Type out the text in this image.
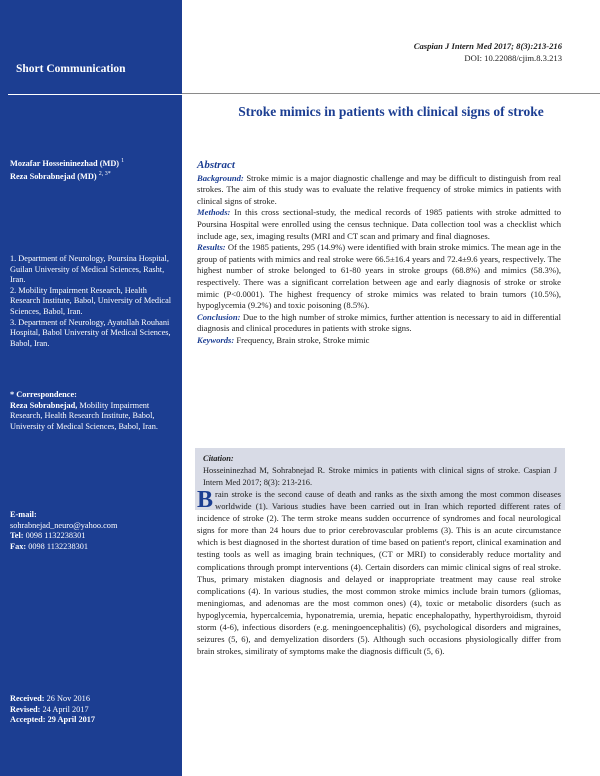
Short Communication
Mozafar Hosseininezhad (MD) $^1$
Reza Sobrabnejad (MD) $^{2, 3*}$
1. Department of Neurology, Poursina Hospital, Guilan University of Medical Sciences, Rasht, Iran.
2. Mobility Impairment Research, Health Research Institute, Babol, University of Medical Sciences, Babol, Iran.
3. Department of Neurology, Ayatollah Rouhani Hospital, Babol University of Medical Sciences, Babol, Iran.
* Correspondence:
Reza Sobrabnejad, Mobility Impairment Research, Health Research Institute, Babol, University of Medical Sciences, Babol, Iran.
E-mail:
sohrabnejad_neuro@yahoo.com
Tel: 0098 1132238301
Fax: 0098 1132238301
Received: 26 Nov 2016
Revised: 24 April 2017
Accepted: 29 April 2017
Caspian J Intern Med 2017; 8(3):213-216
DOI: 10.22088/cjim.8.3.213
Stroke mimics in patients with clinical signs of stroke
Abstract

Background: Stroke mimic is a major diagnostic challenge and may be difficult to distinguish from real strokes. The aim of this study was to evaluate the relative frequency of stroke mimics in patients with clinical signs of stroke.

Methods: In this cross sectional-study, the medical records of 1985 patients with stroke admitted to Poursina Hospital were enrolled using the census technique. Data collection tool was a checklist which include age, sex, imaging results (MRI and CT scan and primary and final diagnoses.

Results: Of the 1985 patients, 295 (14.9%) were identified with brain stroke mimics. The mean age in the group of patients with mimics and real stroke were 66.5±16.4 years and 72.4±9.6 years, respectively. The highest number of stroke belonged to 61-80 years in stroke groups (68.8%) and mimics (58.3%), respectively. There was a significant correlation between age and early diagnosis of stroke or stroke mimic (P<0.0001). The highest frequency of stroke mimics was related to brain tumors (10.5%), hypoglycemia (9.2%) and toxic poisoning (8.5%).

Conclusion: Due to the high number of stroke mimics, further attention is necessary to aid in differential diagnosis and clinical procedures in patients with stroke signs.

Keywords: Frequency, Brain stroke, Stroke mimic

Citation:
Hosseininezhad M, Sohrabnejad R. Stroke mimics in patients with clinical signs of stroke. Caspian J Intern Med 2017; 8(3): 213-216.
Brain stroke is the second cause of death and ranks as the sixth among the most common diseases worldwide (1). Various studies have been carried out in Iran which reported different rates of incidence of stroke (2). The term stroke means sudden occurrence of syndromes and focal neurological signs for more than 24 hours due to prior cerebrovascular problems (3). This is an acute circumstance which is best diagnosed in the shortest duration of time based on patient's report, clinical examination and testing tools as well as imaging brain techniques, (CT or MRI) to considerably reduce mortality and complications through prompt interventions (4). Certain disorders can mimic clinical signs of real stroke. Thus, primary mistaken diagnosis and delayed or inappropriate treatment may cause real stroke complications (4). In various studies, the most common stroke mimics include brain tumors (gliomas, meningiomas, and adenomas are the most common ones) (4), toxic or metabolic disorders (such as hypoglycemia, hypercalcemia, hyponatremia, uremia, hepatic encephalopathy, hyperthyroidism, thyroid storm (4-6), infectious disorders (e.g. meningoencephalitis) (6), psychological disorders and migraines, seizures (5, 6), and demyelization disorders (5). Although such occasions physiologically differ from brain strokes, similiraty of symptoms make the diagnosis difficult (5, 6).
